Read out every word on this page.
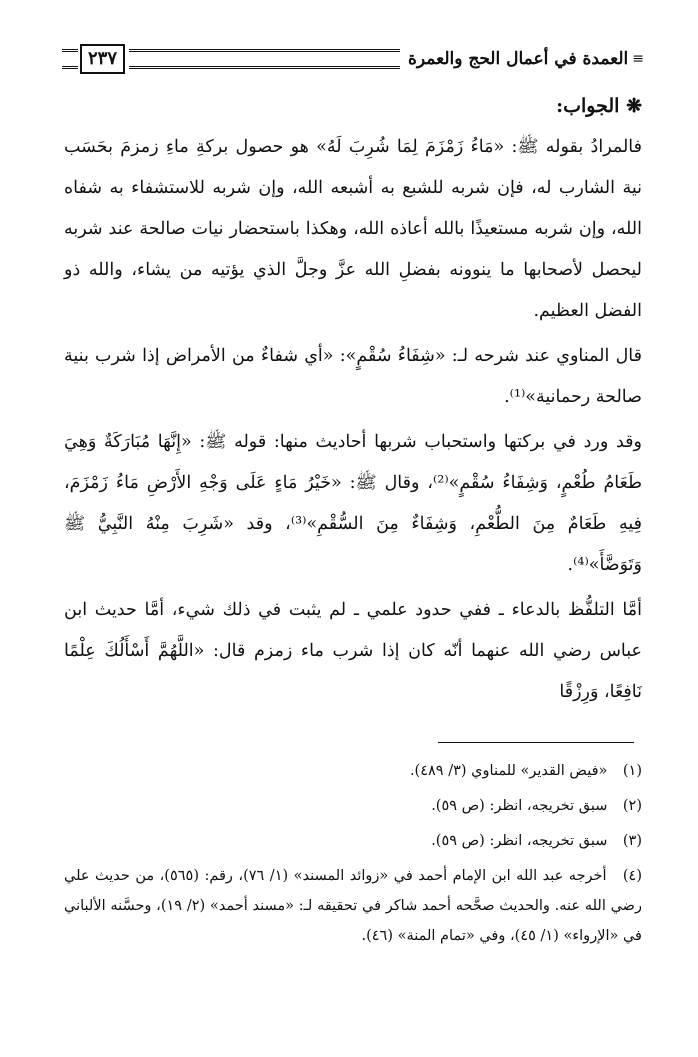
≡
العمدة في أعمال الحج والعمرة
٢٣٧

❋ الجواب:

فالمرادُ بقوله ﷺ: «مَاءُ زَمْزَمَ لِمَا شُرِبَ لَهُ» هو حصول بركةِ ماءِ زمزمَ بحَسَب نية الشارب له، فإن شربه للشبع به أشبعه الله، وإن شربه للاستشفاء به شفاه الله، وإن شربه مستعيذًا بالله أعاذه الله، وهكذا باستحضار نيات صالحة عند شربه ليحصل لأصحابها ما ينوونه بفضلِ الله عزَّ وجلَّ الذي يؤتيه من يشاء، والله ذو الفضل العظيم.

قال المناوي عند شرحه لـ: «شِفَاءُ سُقْمٍ»: «أي شفاءٌ من الأمراض إذا شرب بنية صالحة رحمانية»⁽¹⁾.

وقد ورد في بركتها واستحباب شربها أحاديث منها: قوله ﷺ: «إِنَّهَا مُبَارَكَةٌ وَهِيَ طَعَامُ طُعْمٍ، وَشِفَاءُ سُقْمٍ»⁽²⁾، وقال ﷺ: «خَيْرُ مَاءٍ عَلَى وَجْهِ الأَرْضِ مَاءُ زَمْزَمَ، فِيهِ طَعَامٌ مِنَ الطُّعْمِ، وَشِفَاءٌ مِنَ السُّقْمِ»⁽³⁾، وقد «شَرِبَ مِنْهُ النَّبِيُّ ﷺ وَتَوَضَّأَ»⁽⁴⁾.

أمَّا التلفُّظ بالدعاء ـ ففي حدود علمي ـ لم يثبت في ذلك شيء، أمَّا حديث ابن عباس رضي الله عنهما أنّه كان إذا شرب ماء زمزم قال: «اللَّهُمَّ أَسْأَلُكَ عِلْمًا نَافِعًا، وَرِزْقًا

(١) «فيض القدير» للمناوي (٣/ ٤٨٩).
(٢) سبق تخريجه، انظر: (ص ٥٩).
(٣) سبق تخريجه، انظر: (ص ٥٩).
(٤) أخرجه عبد الله ابن الإمام أحمد في «زوائد المسند» (١/ ٧٦)، رقم: (٥٦٥)، من حديث علي رضي الله عنه. والحديث صحَّحه أحمد شاكر في تحقيقه لـ: «مسند أحمد» (٢/ ١٩)، وحسَّنه الألباني في «الإرواء» (١/ ٤٥)، وفي «تمام المنة» (٤٦).
